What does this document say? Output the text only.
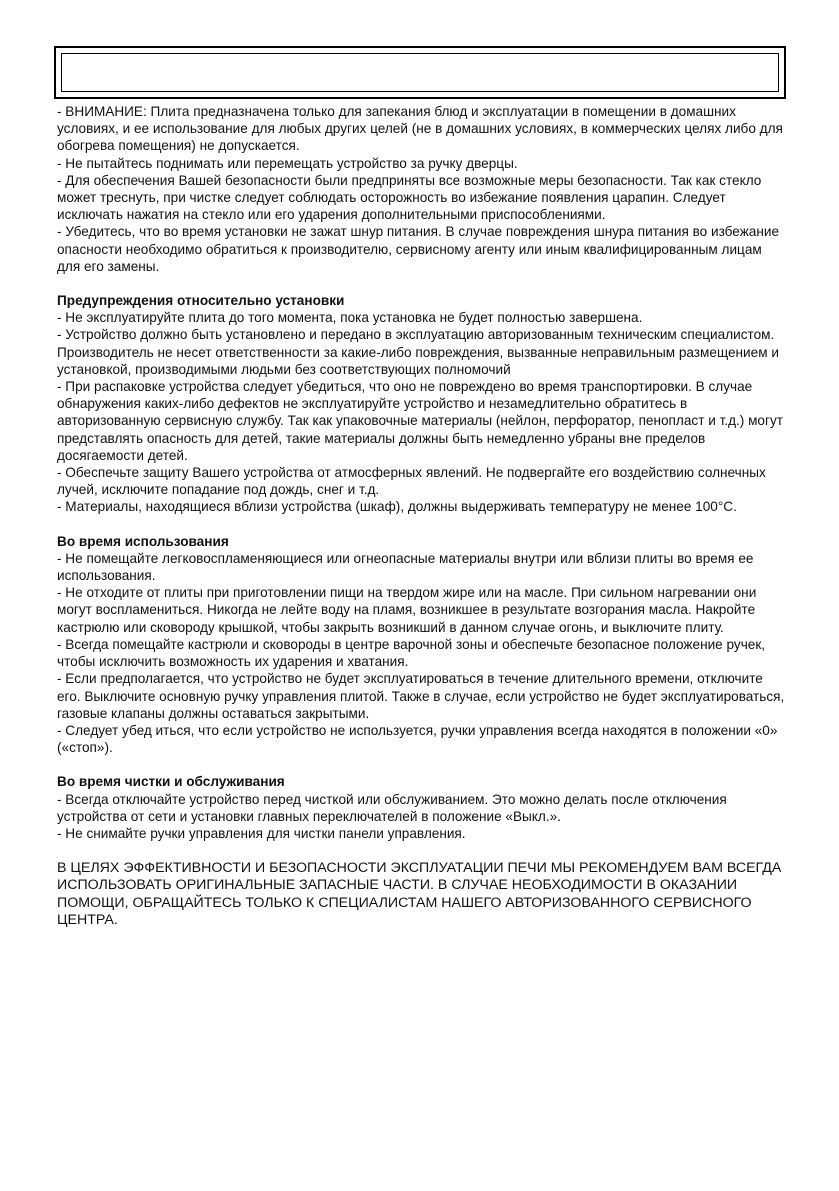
- ВНИМАНИЕ: Плита предназначена только для запекания блюд и эксплуатации в помещении в домашних условиях, и ее использование для любых других целей (не в домашних условиях, в коммерческих целях либо для обогрева помещения) не допускается.

- Не пытайтесь поднимать или перемещать устройство за ручку дверцы.

- Для обеспечения Вашей безопасности были предприняты все возможные меры безопасности. Так как стекло может треснуть, при чистке следует соблюдать осторожность во избежание появления царапин. Следует исключать нажатия на стекло или его ударения дополнительными приспособлениями.

- Убедитесь, что во время установки не зажат шнур питания. В случае повреждения шнура питания во избежание опасности необходимо обратиться к производителю, сервисному агенту или иным квалифицированным лицам для его замены.

Предупреждения относительно установки

- Не эксплуатируйте плита до того момента, пока установка не будет полностью завершена.

- Устройство должно быть установлено и передано в эксплуатацию авторизованным техническим специалистом. Производитель не несет ответственности за какие-либо повреждения, вызванные неправильным размещением и установкой, производимыми людьми без соответствующих полномочий

- При распаковке устройства следует убедиться, что оно не повреждено во время транспортировки. В случае обнаружения каких-либо дефектов не эксплуатируйте устройство и незамедлительно обратитесь в авторизованную сервисную службу. Так как упаковочные материалы (нейлон, перфоратор, пенопласт и т.д.) могут представлять опасность для детей, такие материалы должны быть немедленно убраны вне пределов досягаемости детей.

- Обеспечьте защиту Вашего устройства от атмосферных явлений. Не подвергайте его воздействию солнечных лучей, исключите попадание под дождь, снег и т.д.

- Материалы, находящиеся вблизи устройства (шкаф), должны выдерживать температуру не менее 100°C.

Во время использования

- Не помещайте легковоспламеняющиеся или огнеопасные материалы внутри или вблизи плиты во время ее использования.

- Не отходите от плиты при приготовлении пищи на твердом жире или на масле. При сильном нагревании они могут воспламениться. Никогда не лейте воду на пламя, возникшее в результате возгорания масла. Накройте кастрюлю или сковороду крышкой, чтобы закрыть возникший в данном случае огонь, и выключите плиту.

- Всегда помещайте кастрюли и сковороды в центре варочной зоны и обеспечьте безопасное положение ручек, чтобы исключить возможность их ударения и хватания.

- Если предполагается, что устройство не будет эксплуатироваться в течение длительного времени, отключите его. Выключите основную ручку управления плитой. Также в случае, если устройство не будет эксплуатироваться, газовые клапаны должны оставаться закрытыми.

- Следует убед иться, что если устройство не используется, ручки управления всегда находятся в положении «0» («стоп»).

Во время чистки и обслуживания

- Всегда отключайте устройство перед чисткой или обслуживанием. Это можно делать после отключения устройства от сети и установки главных переключателей в положение «Выкл.».

- Не снимайте ручки управления для чистки панели управления.

В ЦЕЛЯХ ЭФФЕКТИВНОСТИ И БЕЗОПАСНОСТИ ЭКСПЛУАТАЦИИ ПЕЧИ МЫ РЕКОМЕНДУЕМ ВАМ ВСЕГДА ИСПОЛЬЗОВАТЬ ОРИГИНАЛЬНЫЕ ЗАПАСНЫЕ ЧАСТИ. В СЛУЧАЕ НЕОБХОДИМОСТИ В ОКАЗАНИИ ПОМОЩИ, ОБРАЩАЙТЕСЬ ТОЛЬКО К СПЕЦИАЛИСТАМ НАШЕГО АВТОРИЗОВАННОГО СЕРВИСНОГО ЦЕНТРА.
